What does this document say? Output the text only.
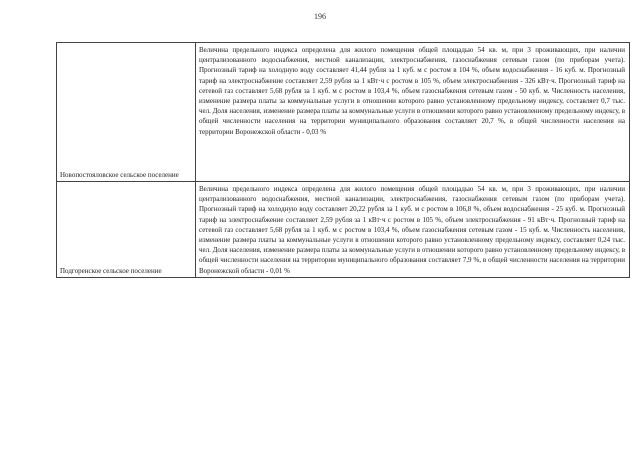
196
Новопостояловское сельское поселение	Величина предельного индекса определена для жилого помещения общей площадью 54 кв. м, при 3 проживающих, при наличии централизованного водоснабжения, местной канализации, электроснабжения, газоснабжения сетевым газом (по приборам учета). Прогнозный тариф на холодную воду составляет 41,44 рубля за 1 куб. м с ростом в 104 %, объем водоснабжения - 16 куб. м. Прогнозный тариф на электроснабжение составляет 2,59 рубля за 1 кВт·ч с ростом в 105 %, объем электроснабжения - 326 кВт·ч. Прогнозный тариф на сетевой газ составляет 5,68 рубля за 1 куб. м с ростом в 103,4 %, объем газоснабжения сетевым газом - 50 куб. м. Численность населения, изменение размера платы за коммунальные услуги в отношении которого равно установленному предельному индексу, составляет 0,7 тыс. чел. Доля населения, изменение размера платы за коммунальные услуги в отношении которого равно установленному предельному индексу, в общей численности населения на территории муниципального образования составляет 20,7 %, в общей численности населения на территории Воронежской области - 0,03 %

Подгоренское сельское поселение	Величина предельного индекса определена для жилого помещения общей площадью 54 кв. м, при 3 проживающих, при наличии централизованного водоснабжения, местной канализации, электроснабжения, газоснабжения сетевым газом (по приборам учета). Прогнозный тариф на холодную воду составляет 20,22 рубля за 1 куб. м с ростом в 106,8 %, объем водоснабжения - 25 куб. м. Прогнозный тариф на электроснабжение составляет 2,59 рубля за 1 кВт·ч с ростом в 105 %, объем электроснабжения - 91 кВт·ч. Прогнозный тариф на сетевой газ составляет 5,68 рубля за 1 куб. м с ростом в 103,4 %, объем газоснабжения сетевым газом - 15 куб. м. Численность населения, изменение размера платы за коммунальные услуги в отношении которого равно установленному предельному индексу, составляет 0,24 тыс. чел. Доля населения, изменение размера платы за коммунальные услуги в отношении которого равно установленному предельному индексу, в общей численности населения на территории муниципального образования составляет 7,9 %, в общей численности населения на территории Воронежской области - 0,01 %
